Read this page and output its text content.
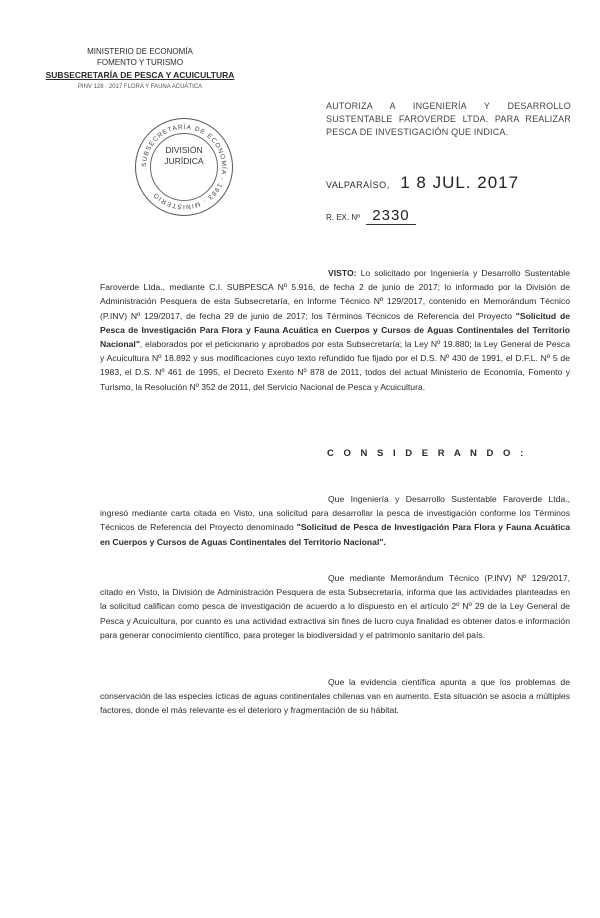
MINISTERIO DE ECONOMÍA
FOMENTO Y TURISMO
SUBSECRETARÍA DE PESCA Y ACUICULTURA
PINV 128 · 2017 FLORA Y FAUNA ACUÁTICA
AUTORIZA A INGENIERÍA Y DESARROLLO SUSTENTABLE FAROVERDE LTDA. PARA REALIZAR PESCA DE INVESTIGACIÓN QUE INDICA.
SUBSECRETARÍA DE ECONOMÍA · 1983 · MINISTERIO
DIVISIÓN
JURÍDICA
VALPARAÍSO, 1 8 JUL. 2017
R. EX. Nº 2330
VISTO: Lo solicitado por Ingeniería y Desarrollo Sustentable Faroverde Ltda., mediante C.I. SUBPESCA Nº 5.916, de fecha 2 de junio de 2017; lo informado por la División de Administración Pesquera de esta Subsecretaría, en Informe Técnico Nº 129/2017, contenido en Memorándum Técnico (P.INV) Nº 129/2017, de fecha 29 de junio de 2017; los Términos Técnicos de Referencia del Proyecto "Solicitud de Pesca de Investigación Para Flora y Fauna Acuática en Cuerpos y Cursos de Aguas Continentales del Territorio Nacional", elaborados por el peticionario y aprobados por esta Subsecretaría; la Ley Nº 19.880; la Ley General de Pesca y Acuicultura Nº 18.892 y sus modificaciones cuyo texto refundido fue fijado por el D.S. Nº 430 de 1991, el D.F.L. Nº 5 de 1983, el D.S. Nº 461 de 1995, el Decreto Exento Nº 878 de 2011, todos del actual Ministerio de Economía, Fomento y Turismo, la Resolución Nº 352 de 2011, del Servicio Nacional de Pesca y Acuicultura.
C O N S I D E R A N D O :
Que Ingeniería y Desarrollo Sustentable Faroverde Ltda., ingresó mediante carta citada en Visto, una solicitud para desarrollar la pesca de investigación conforme los Términos Técnicos de Referencia del Proyecto denominado "Solicitud de Pesca de Investigación Para Flora y Fauna Acuática en Cuerpos y Cursos de Aguas Continentales del Territorio Nacional".
Que mediante Memorándum Técnico (P.INV) Nº 129/2017, citado en Visto, la División de Administración Pesquera de esta Subsecretaría, informa que las actividades planteadas en la solicitud califican como pesca de investigación de acuerdo a lo dispuesto en el artículo 2º Nº 29 de la Ley General de Pesca y Acuicultura, por cuanto es una actividad extractiva sin fines de lucro cuya finalidad es obtener datos e información para generar conocimiento científico, para proteger la biodiversidad y el patrimonio sanitario del país.
Que la evidencia científica apunta a que los problemas de conservación de las especies ícticas de aguas continentales chilenas van en aumento. Esta situación se asocia a múltiples factores, donde el más relevante es el deterioro y fragmentación de su hábitat.
